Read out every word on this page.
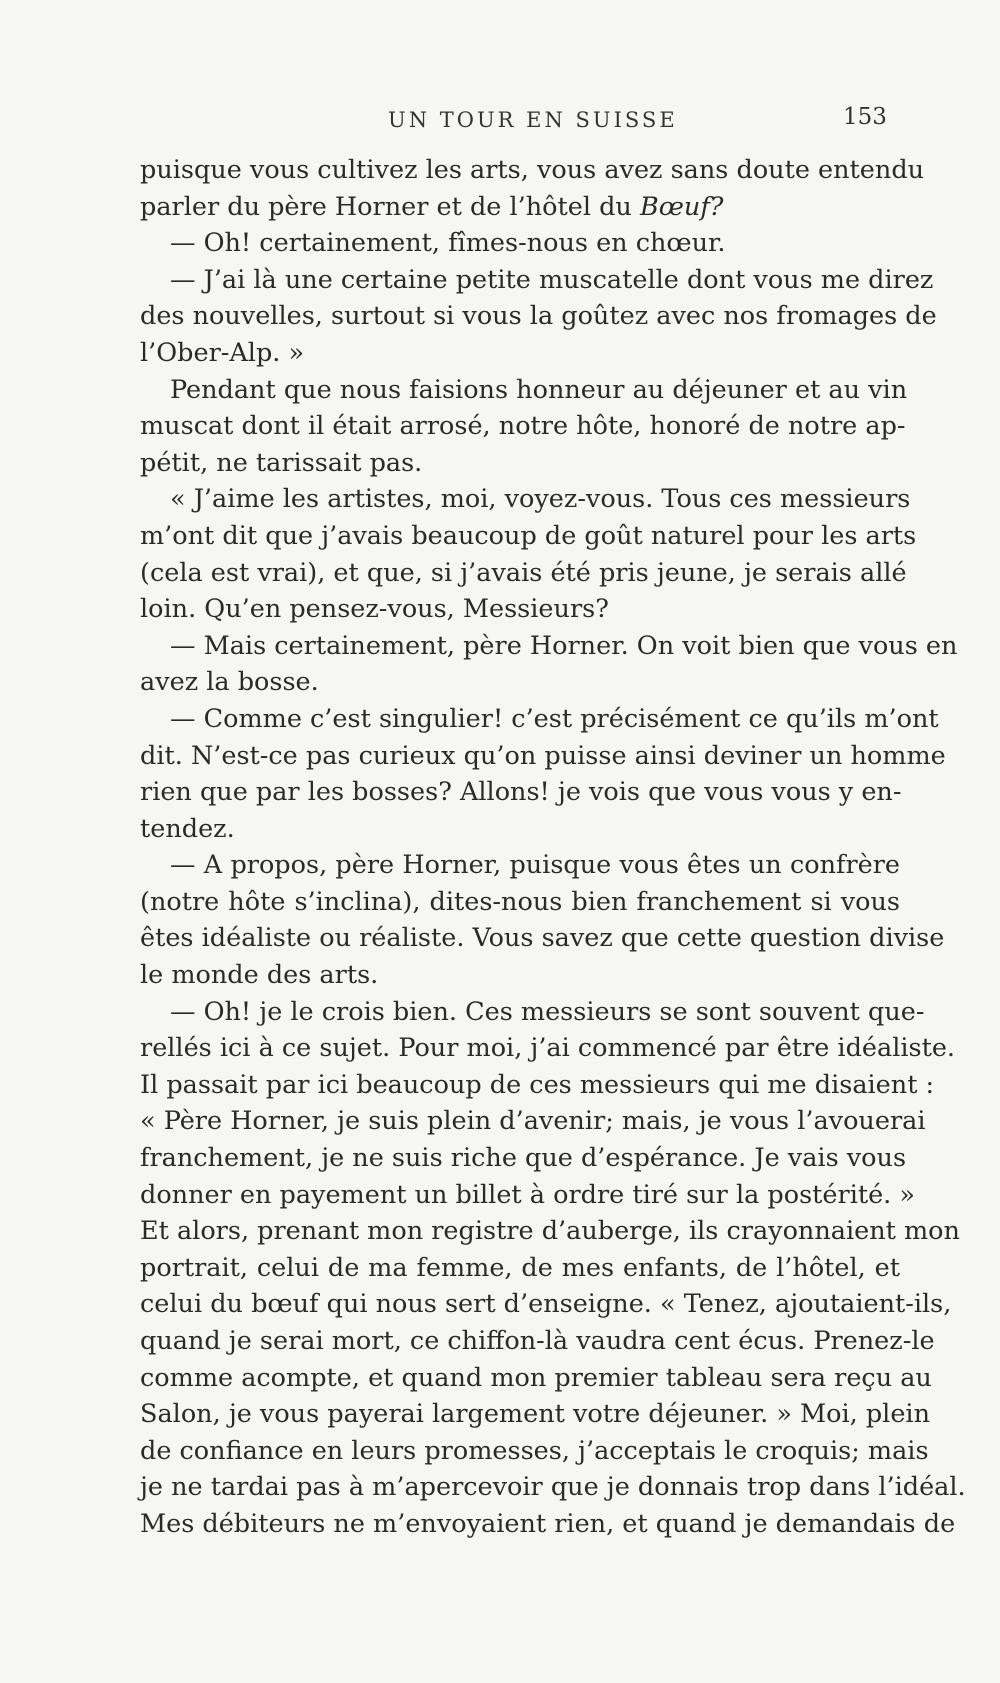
UN TOUR EN SUISSE	153
puisque vous cultivez les arts, vous avez sans doute entendu
parler du père Horner et de l’hôtel du Bœuf?
— Oh! certainement, fîmes-nous en chœur.
— J’ai là une certaine petite muscatelle dont vous me direz
des nouvelles, surtout si vous la goûtez avec nos fromages de
l’Ober-Alp. »
Pendant que nous faisions honneur au déjeuner et au vin
muscat dont il était arrosé, notre hôte, honoré de notre ap-
pétit, ne tarissait pas.
« J’aime les artistes, moi, voyez-vous. Tous ces messieurs
m’ont dit que j’avais beaucoup de goût naturel pour les arts
(cela est vrai), et que, si j’avais été pris jeune, je serais allé
loin. Qu’en pensez-vous, Messieurs?
— Mais certainement, père Horner. On voit bien que vous en
avez la bosse.
— Comme c’est singulier! c’est précisément ce qu’ils m’ont
dit. N’est-ce pas curieux qu’on puisse ainsi deviner un homme
rien que par les bosses? Allons! je vois que vous vous y en-
tendez.
— A propos, père Horner, puisque vous êtes un confrère
(notre hôte s’inclina), dites-nous bien franchement si vous
êtes idéaliste ou réaliste. Vous savez que cette question divise
le monde des arts.
— Oh! je le crois bien. Ces messieurs se sont souvent que-
rellés ici à ce sujet. Pour moi, j’ai commencé par être idéaliste.
Il passait par ici beaucoup de ces messieurs qui me disaient :
« Père Horner, je suis plein d’avenir; mais, je vous l’avouerai
franchement, je ne suis riche que d’espérance. Je vais vous
donner en payement un billet à ordre tiré sur la postérité. »
Et alors, prenant mon registre d’auberge, ils crayonnaient mon
portrait, celui de ma femme, de mes enfants, de l’hôtel, et
celui du bœuf qui nous sert d’enseigne. « Tenez, ajoutaient-ils,
quand je serai mort, ce chiffon-là vaudra cent écus. Prenez-le
comme acompte, et quand mon premier tableau sera reçu au
Salon, je vous payerai largement votre déjeuner. » Moi, plein
de confiance en leurs promesses, j’acceptais le croquis; mais
je ne tardai pas à m’apercevoir que je donnais trop dans l’idéal.
Mes débiteurs ne m’envoyaient rien, et quand je demandais de
